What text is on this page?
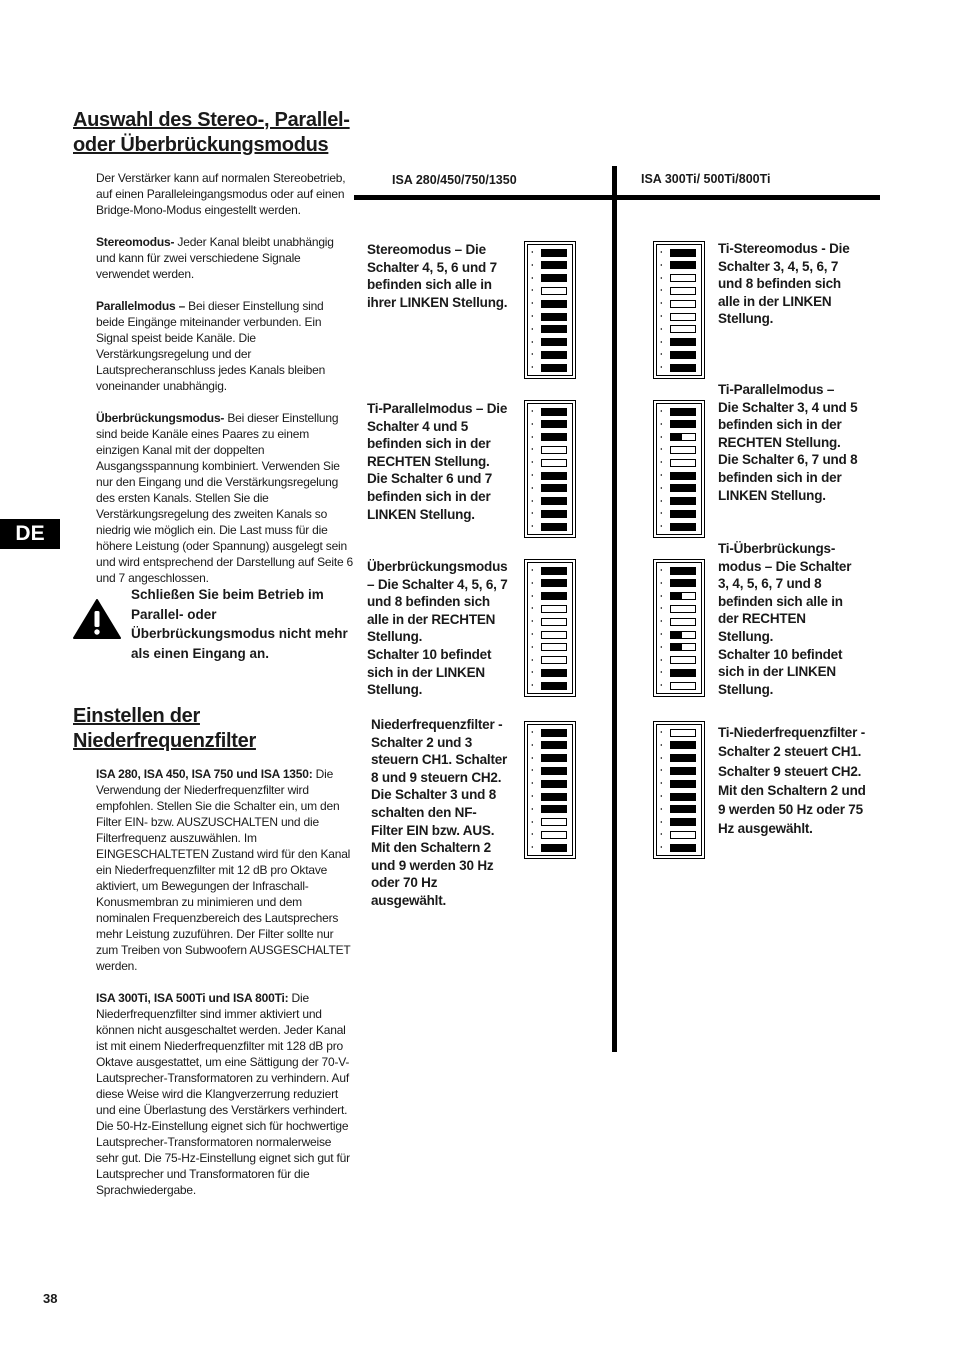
Auswahl des Stereo-, Parallel-
oder Überbrückungsmodus

Der Verstärker kann auf normalen Stereobetrieb, auf einen Paralleleingangsmodus oder auf einen Bridge-Mono-Modus eingestellt werden.

Stereomodus- Jeder Kanal bleibt unabhängig und kann für zwei verschiedene Signale verwendet werden.

Parallelmodus – Bei dieser Einstellung sind beide Eingänge miteinander verbunden. Ein Signal speist beide Kanäle. Die Verstärkungsregelung und der Lautsprecheranschluss jedes Kanals bleiben voneinander unabhängig.

Überbrückungsmodus- Bei dieser Einstellung sind beide Kanäle eines Paares zu einem einzigen Kanal mit der doppelten Ausgangsspannung kombiniert. Verwenden Sie nur den Eingang und die Verstärkungsregelung des ersten Kanals. Stellen Sie die Verstärkungsregelung des zweiten Kanals so niedrig wie möglich ein. Die Last muss für die höhere Leistung (oder Spannung) ausgelegt sein und wird entsprechend der Darstellung auf Seite 6 und 7 angeschlossen.

Schließen Sie beim Betrieb im Parallel- oder Überbrückungsmodus nicht mehr als einen Eingang an.
Einstellen der
Niederfrequenzfilter

ISA 280, ISA 450, ISA 750 und ISA 1350: Die Verwendung der Niederfrequenzfilter wird empfohlen. Stellen Sie die Schalter ein, um den Filter EIN- bzw. AUSZUSCHALTEN und die Filterfrequenz auszuwählen. Im EINGESCHALTETEN Zustand wird für den Kanal ein Niederfrequenzfilter mit 12 dB pro Oktave aktiviert, um Bewegungen der Infraschall-Konusmembran zu minimieren und dem nominalen Frequenzbereich des Lautsprechers mehr Leistung zuzuführen. Der Filter sollte nur zum Treiben von Subwoofern AUSGESCHALTET werden.

ISA 300Ti, ISA 500Ti und ISA 800Ti: Die Niederfrequenzfilter sind immer aktiviert und können nicht ausgeschaltet werden. Jeder Kanal ist mit einem Niederfrequenzfilter mit 128 dB pro Oktave ausgestattet, um eine Sättigung der 70-V-Lautsprecher-Transformatoren zu verhindern. Auf diese Weise wird die Klangverzerrung reduziert und eine Überlastung des Verstärkers verhindert. Die 50-Hz-Einstellung eignet sich für hochwertige Lautsprecher-Transformatoren normalerweise sehr gut. Die 75-Hz-Einstellung eignet sich gut für Lautsprecher und Transformatoren für die Sprachwiedergabe.

ISA 280/450/750/1350	ISA 300Ti/ 500Ti/800Ti
Stereomodus – Die
Schalter 4, 5, 6 und 7
befinden sich alle in
ihrer LINKEN Stellung.
Ti-Parallelmodus – Die
Schalter 4 und 5
befinden sich in der
RECHTEN Stellung.
Die Schalter 6 und 7
befinden sich in der
LINKEN Stellung.
Überbrückungsmodus
– Die Schalter 4, 5, 6, 7
und 8 befinden sich
alle in der RECHTEN
Stellung.
Schalter 10 befindet
sich in der LINKEN
Stellung.
Niederfrequenzfilter -
Schalter 2 und 3
steuern CH1. Schalter
8 und 9 steuern CH2.
Die Schalter 3 und 8
schalten den NF-
Filter EIN bzw. AUS.
Mit den Schaltern 2
und 9 werden 30 Hz
oder 70 Hz
ausgewählt.
Ti-Stereomodus - Die
Schalter 3, 4, 5, 6, 7
und 8 befinden sich
alle in der LINKEN
Stellung.
Ti-Parallelmodus –
Die Schalter 3, 4 und 5
befinden sich in der
RECHTEN Stellung.
Die Schalter 6, 7 und 8
befinden sich in der
LINKEN Stellung.
Ti-Überbrückungs-
modus – Die Schalter
3, 4, 5, 6, 7 und 8
befinden sich alle in
der RECHTEN
Stellung.
Schalter 10 befindet
sich in der LINKEN
Stellung.
Ti-Niederfrequenzfilter -
Schalter 2 steuert CH1.
Schalter 9 steuert CH2.
Mit den Schaltern 2 und
9 werden 50 Hz oder 75
Hz ausgewählt.
◂
◂
◂
◂
◂
◂
◂
◂
◂
◂
◂
◂
◂
◂
◂
◂
◂
◂
◂
◂
◂
◂
◂
◂
◂
◂
◂
◂
◂
◂
◂
◂
◂
◂
◂
◂
◂
◂
◂
◂
◂
◂
◂
◂
◂
◂
◂
◂
◂
◂
◂
◂
◂
◂
◂
◂
◂
◂
◂
◂
◂
◂
◂
◂
◂
◂
◂
◂
◂
◂
◂
◂
◂
◂
◂
◂
◂
◂
◂
◂
DE
38
